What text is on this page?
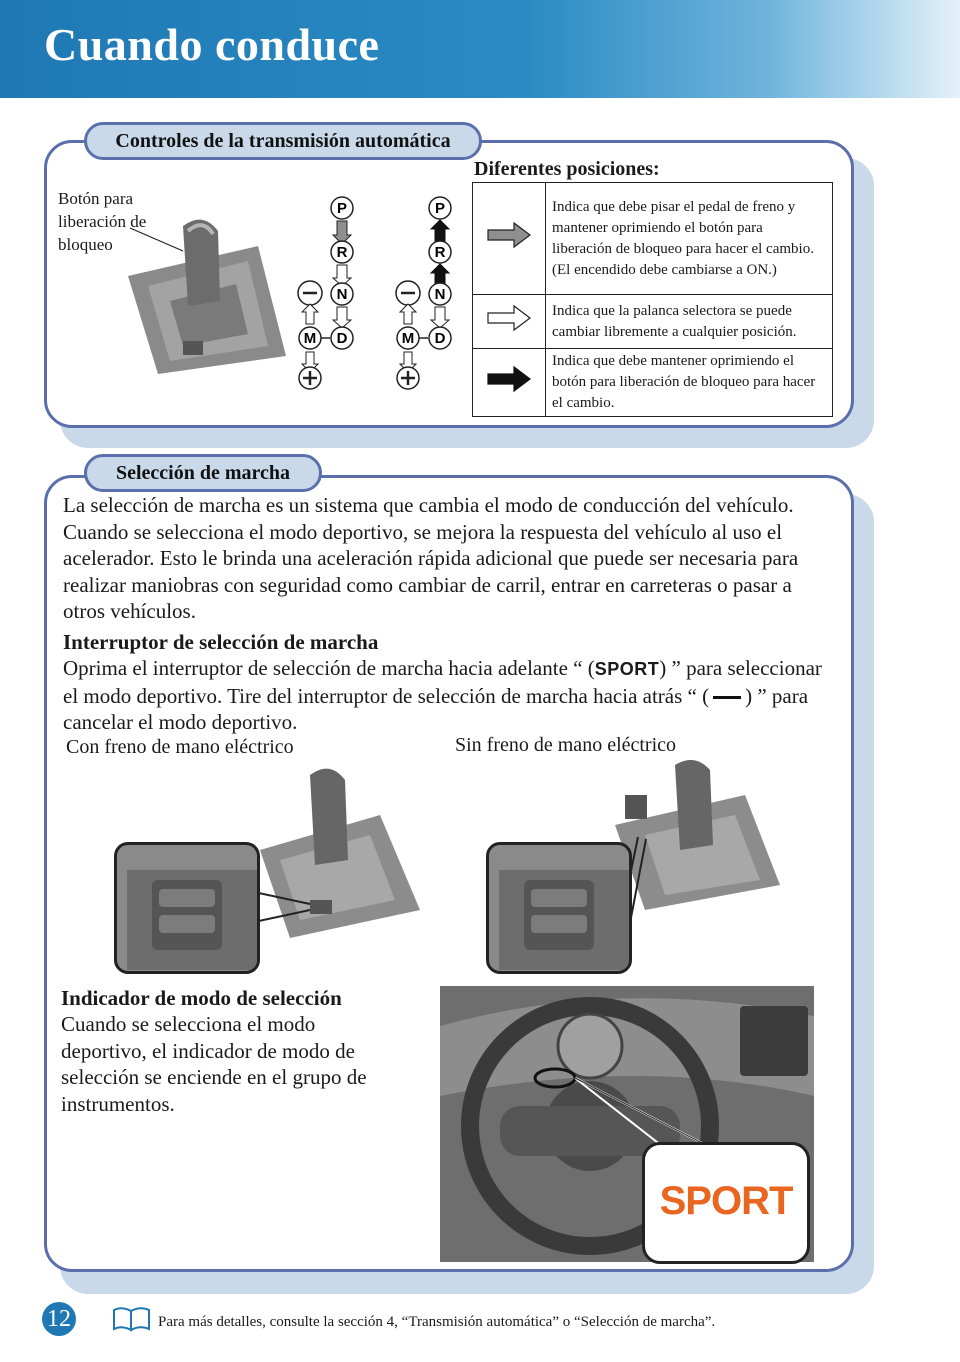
Cuando conduce
Controles de la transmisión automática

Botón para liberación de bloqueo

P
R
N
D
M
P
R
N
D
M

Diferentes posiciones:

	Indica que debe pisar el pedal de freno y mantener oprimiendo el botón para liberación de bloqueo para hacer el cambio. (El encendido debe cambiarse a ON.)
	Indica que la palanca selectora se puede cambiar libremente a cualquier posición.
	Indica que debe mantener oprimiendo el botón para liberación de bloqueo para hacer el cambio.
Selección de marcha

La selección de marcha es un sistema que cambia el modo de conducción del vehículo. Cuando se selecciona el modo deportivo, se mejora la respuesta del vehículo al uso el acelerador. Esto le brinda una aceleración rápida adicional que puede ser necesaria para realizar maniobras con seguridad como cambiar de carril, entrar en carreteras o pasar a otros vehículos.

Interruptor de selección de marcha

Oprima el interruptor de selección de marcha hacia adelante “ (SPORT) ” para seleccionar el modo deportivo. Tire del interruptor de selección de marcha hacia atrás “ ( ) ” para cancelar el modo deportivo.

Con freno de mano eléctrico	Sin freno de mano eléctrico

Indicador de modo de selección

Cuando se selecciona el modo deportivo, el indicador de modo de selección se enciende en el grupo de instrumentos.

SPORT
12	Para más detalles, consulte la sección 4, “Transmisión automática” o “Selección de marcha”.
